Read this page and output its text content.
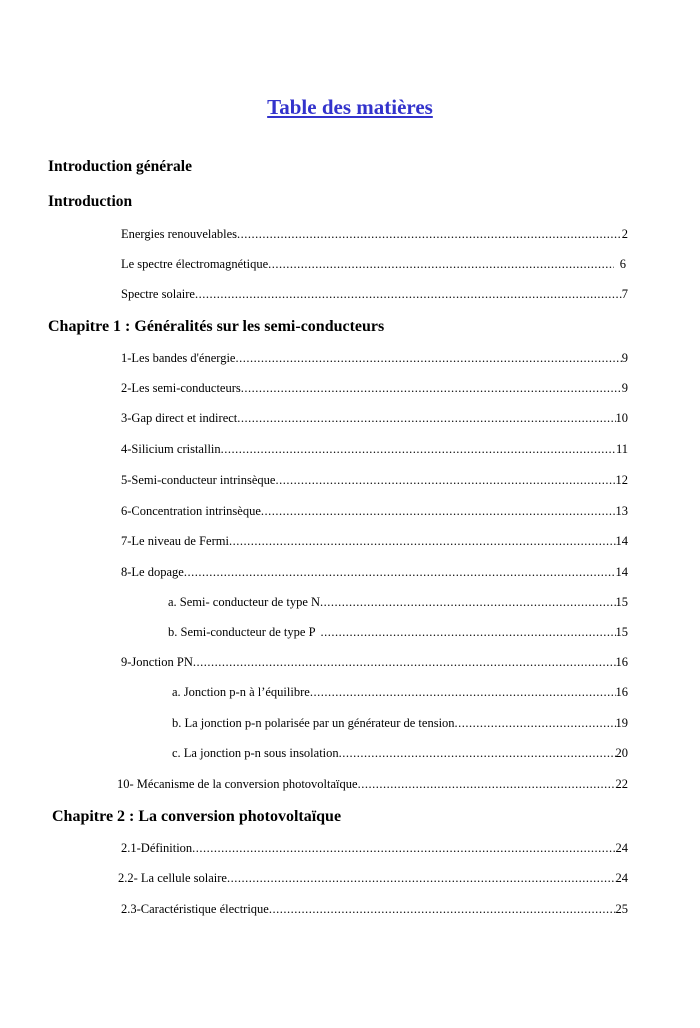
Table des matières
Introduction générale
Introduction
Energies renouvelables .....	2
Le spectre électromagnétique .....	6
Spectre solaire .....	7
Chapitre 1 : Généralités sur les semi-conducteurs
1-Les bandes d'énergie .....	9
2-Les semi-conducteurs .....	9
3-Gap direct et indirect .....	10
4-Silicium cristallin .....	11
5-Semi-conducteur intrinsèque .....	12
6-Concentration intrinsèque .....	13
7-Le niveau de Fermi .....	14
8-Le dopage .....	14
a. Semi- conducteur de type N .....	15
b. Semi-conducteur de type P .....	15
9-Jonction PN .....	16
a. Jonction p-n à l’équilibre .....	16
b. La jonction p-n polarisée par un générateur de tension .....	19
c. La jonction p-n sous insolation .....	20
10- Mécanisme de la conversion photovoltaïque .....	22
Chapitre 2 : La conversion photovoltaïque
2.1-Définition .....	24
2.2- La cellule solaire .....	24
2.3-Caractéristique électrique .....	25
